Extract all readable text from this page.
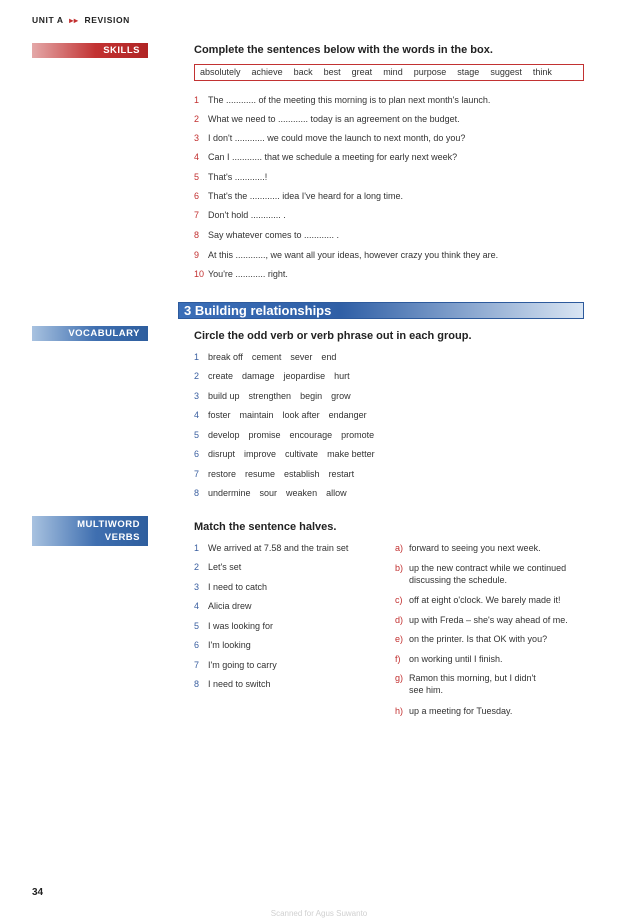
UNIT A ▸▸ REVISION
SKILLS	Complete the sentences below with the words in the box.
absolutely achieve back best great mind purpose stage suggest think
1 The ............ of the meeting this morning is to plan next month's launch.
2 What we need to ............ today is an agreement on the budget.
3 I don't ............ we could move the launch to next month, do you?
4 Can I ............ that we schedule a meeting for early next week?
5 That's ............!
6 That's the ............ idea I've heard for a long time.
7 Don't hold ............ .
8 Say whatever comes to ............ .
9 At this ............, we want all your ideas, however crazy you think they are.
10 You're ............ right.
3 Building relationships
VOCABULARY	Circle the odd verb or verb phrase out in each group.
1 break off cement sever end
2 create damage jeopardise hurt
3 build up strengthen begin grow
4 foster maintain look after endanger
5 develop promise encourage promote
6 disrupt improve cultivate make better
7 restore resume establish restart
8 undermine sour weaken allow
MULTIWORD
VERBS
Match the sentence halves.
1 We arrived at 7.58 and the train set
2 Let's set
3 I need to catch
4 Alicia drew
5 I was looking for
6 I'm looking
7 I'm going to carry
8 I need to switch
a) forward to seeing you next week.
b) up the new contract while we continued
discussing the schedule.
c) off at eight o'clock. We barely made it!
d) up with Freda – she's way ahead of me.
e) on the printer. Is that OK with you?
f) on working until I finish.
g) Ramon this morning, but I didn't
see him.
h) up a meeting for Tuesday.
34
Scanned for Agus Suwanto
